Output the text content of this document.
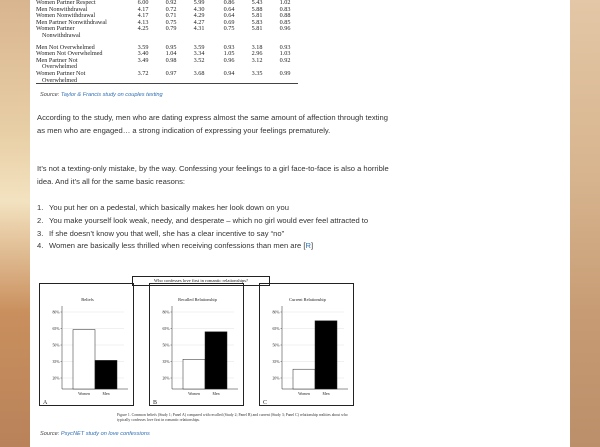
Women Partner Respect	6.00	0.92	5.99	0.86	5.43	1.02
Men Nonwithdrawal	4.17	0.72	4.30	0.64	5.88	0.83
Women Nonwithdrawal	4.17	0.71	4.29	0.64	5.81	0.88
Men Partner Nonwithdrawal	4.13	0.75	4.27	0.69	5.83	0.85
Women Partner
Nonwithdrawal
4.25	0.79	4.31	0.75	5.81	0.96
Men Not Overwhelmed	3.59	0.95	3.59	0.93	3.18	0.93
Women Not Overwhelmed	3.40	1.04	3.34	1.05	2.96	1.03
Men Partner Not
Overwhelmed
3.49	0.98	3.52	0.96	3.12	0.92
Women Partner Not
Overwhelmed
3.72	0.97	3.68	0.94	3.35	0.99
Source: Taylor & Francis study on couples texting

According to the study, men who are dating express almost the same amount of affection through texting as men who are engaged… a strong indication of expressing your feelings prematurely.

It’s not a texting-only mistake, by the way. Confessing your feelings to a girl face-to-face is also a horrible idea. And it’s all for the same basic reasons:

1. You put her on a pedestal, which basically makes her look down on you
2. You make yourself look weak, needy, and desperate – which no girl would ever feel attracted to
3. If she doesn’t know you that well, she has a clear incentive to say “no”
4. Women are basically less thrilled when receiving confessions than men are [R]
Who confesses love first in romantic relationships?
Beliefs
80%
65%
50%
35%
20%
Women	Men
A
Recalled Relationship
80%
65%
50%
35%
20%
Women	Men
B
Current Relationship
80%
65%
50%
35%
20%
Women	Men
C
Figure 1. Common beliefs (Study 1; Panel A) compared with recalled (Study 2; Panel B) and current (Study 3; Panel C) relationship realities about who typically confesses love first in romantic relationships.
Source: PsycNET study on love confessions
